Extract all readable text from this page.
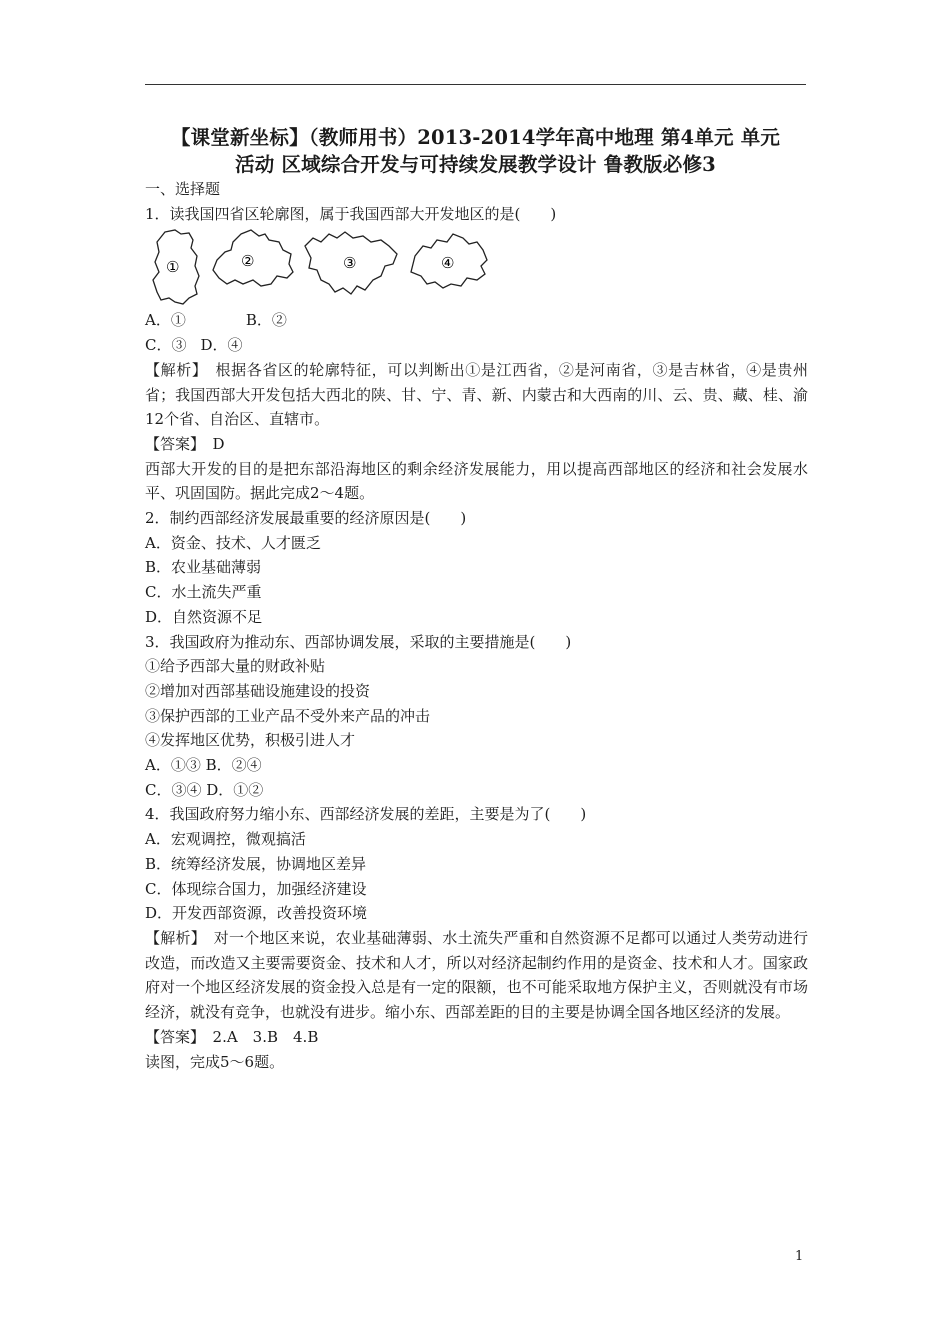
【课堂新坐标】（教师用书）2013-2014学年高中地理 第4单元 单元
活动 区域综合开发与可持续发展教学设计 鲁教版必修3
一、选择题
1．读我国四省区轮廓图，属于我国西部大开发地区的是(　　)
①	②	③	④
A．①	B．②
C．③ D．④
【解析】　 根据各省区的轮廓特征，可以判断出①是江西省，②是河南省，③是吉林省，④是贵州省；我国西部大开发包括大西北的陕、甘、宁、青、新、内蒙古和大西南的川、云、贵、藏、桂、渝12个省、自治区、直辖市。
【答案】　 D
西部大开发的目的是把东部沿海地区的剩余经济发展能力，用以提高西部地区的经济和社会发展水平、巩固国防。据此完成2～4题。
2．制约西部经济发展最重要的经济原因是(　　)
A．资金、技术、人才匮乏
B．农业基础薄弱
C．水土流失严重
D．自然资源不足
3．我国政府为推动东、西部协调发展，采取的主要措施是(　　)
①给予西部大量的财政补贴
②增加对西部基础设施建设的投资
③保护西部的工业产品不受外来产品的冲击
④发挥地区优势，积极引进人才
A．①③ B．②④
C．③④ D．①②
4．我国政府努力缩小东、西部经济发展的差距，主要是为了(　　)
A．宏观调控，微观搞活
B．统筹经济发展，协调地区差异
C．体现综合国力，加强经济建设
D．开发西部资源，改善投资环境
【解析】　 对一个地区来说，农业基础薄弱、水土流失严重和自然资源不足都可以通过人类劳动进行改造，而改造又主要需要资金、技术和人才，所以对经济起制约作用的是资金、技术和人才。国家政府对一个地区经济发展的资金投入总是有一定的限额，也不可能采取地方保护主义，否则就没有市场经济，就没有竞争，也就没有进步。缩小东、西部差距的目的主要是协调全国各地区经济的发展。
【答案】　 2.A　3.B　4.B
读图，完成5～6题。
1
